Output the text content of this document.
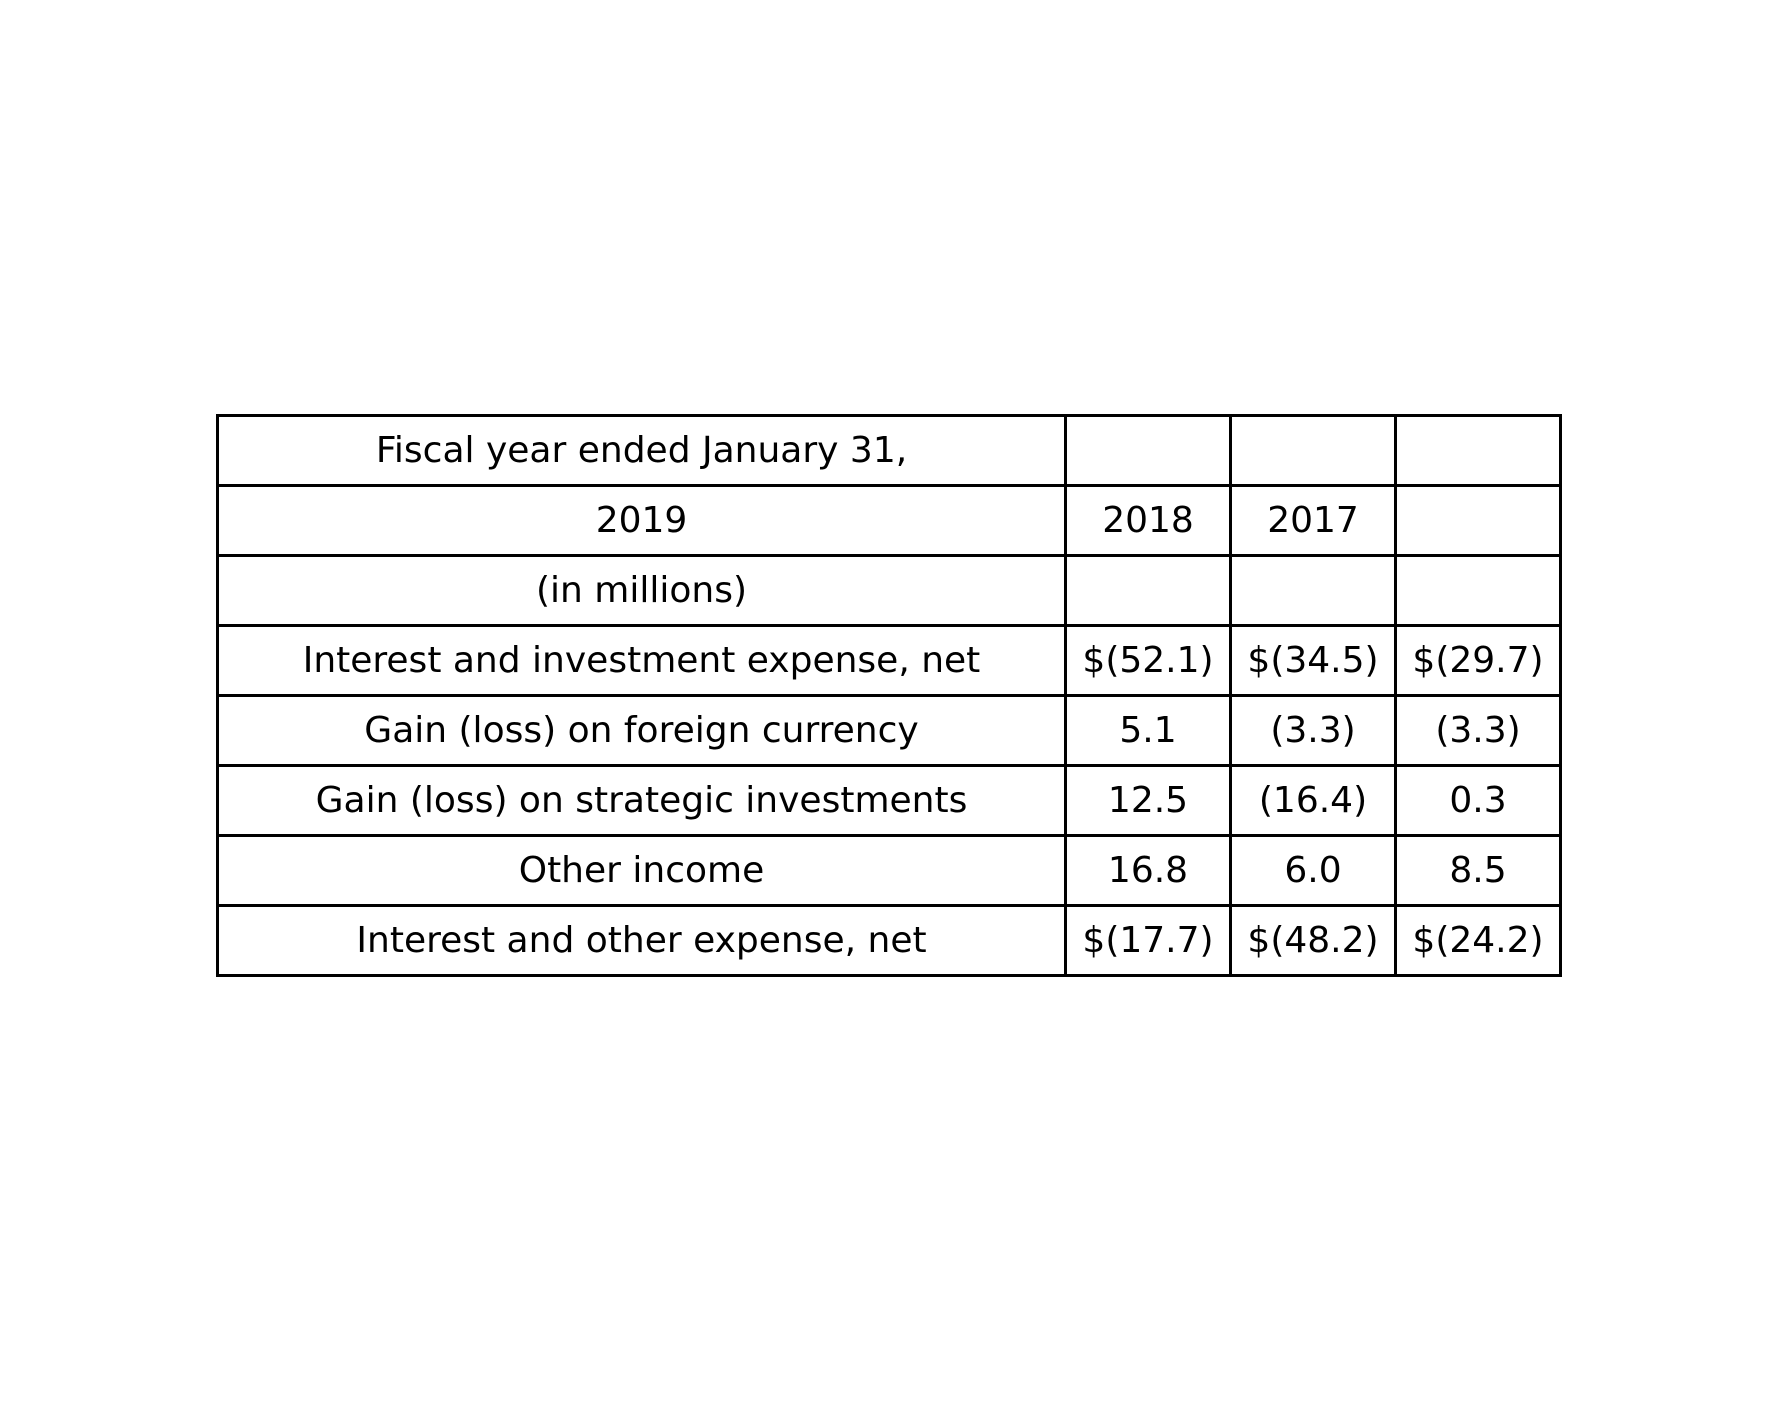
Fiscal year ended January 31,			
2019	2018	2017	
(in millions)			
Interest and investment expense, net	$(52.1)	$(34.5)	$(29.7)
Gain (loss) on foreign currency	5.1	(3.3)	(3.3)
Gain (loss) on strategic investments	12.5	(16.4)	0.3
Other income	16.8	6.0	8.5
Interest and other expense, net	$(17.7)	$(48.2)	$(24.2)
